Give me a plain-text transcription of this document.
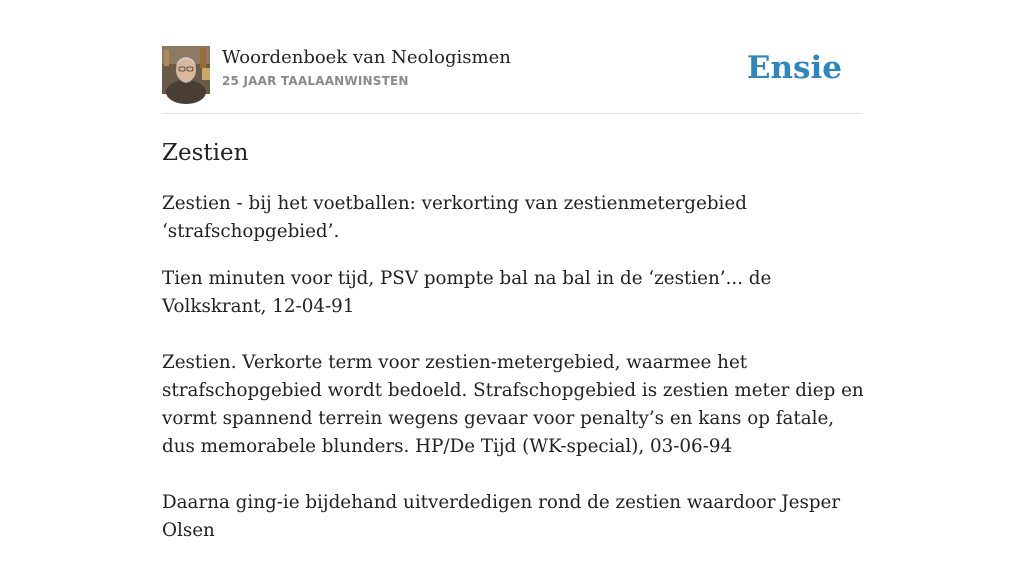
Woordenboek van Neologismen
25 JAAR TAALAANWINSTEN	Ensie
Zestien

Zestien - bij het voetballen: verkorting van zestienmetergebied ‘strafschopgebied’.

Tien minuten voor tijd, PSV pompte bal na bal in de ‘zestien’... de Volkskrant, 12-04-91

Zestien. Verkorte term voor zestien-metergebied, waarmee het strafschopgebied wordt bedoeld. Strafschopgebied is zestien meter diep en vormt spannend terrein wegens gevaar voor penalty’s en kans op fatale, dus memorabele blunders. HP/De Tijd (WK-special), 03-06-94

Daarna ging-ie bijdehand uitverdedigen rond de zestien waardoor Jesper Olsen
